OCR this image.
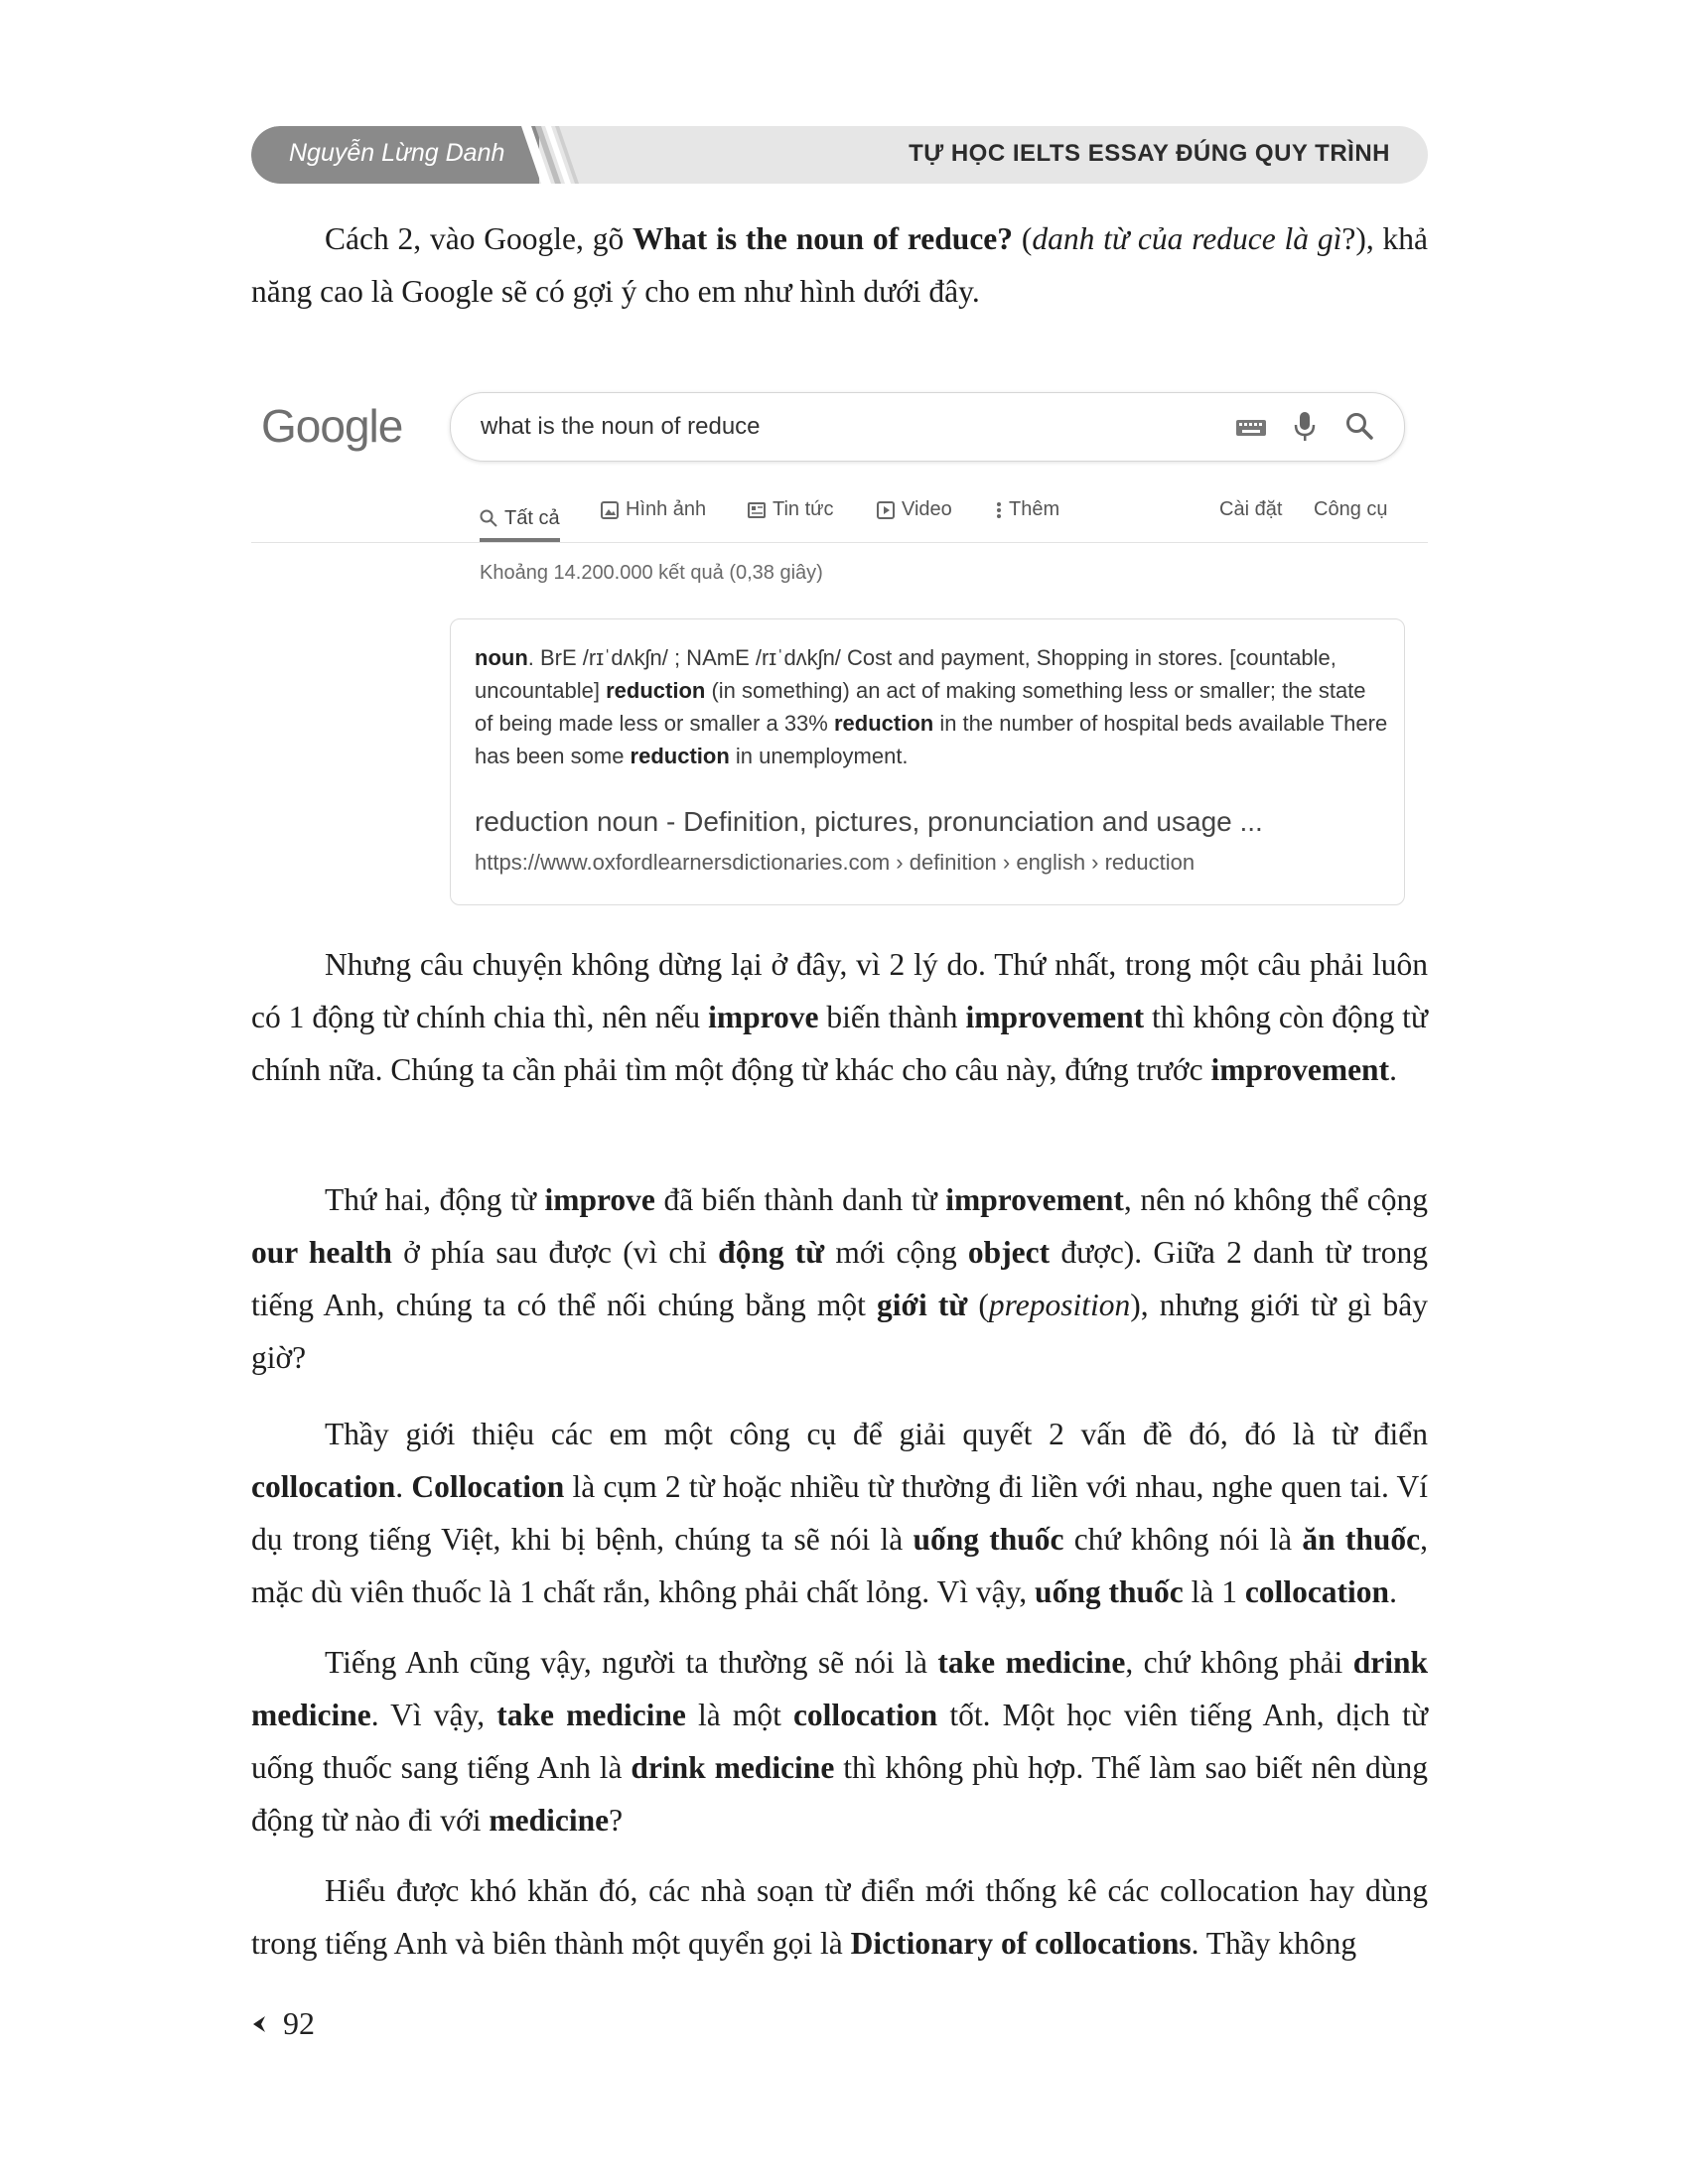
Nguyễn Lừng Danh	TỰ HỌC IELTS ESSAY ĐÚNG QUY TRÌNH

Cách 2, vào Google, gõ What is the noun of reduce? (danh từ của reduce là gì?), khả năng cao là Google sẽ có gợi ý cho em như hình dưới đây.

Google	what is the noun of reduce
Tất cả	Hình ảnh	Tin tức	Video	Thêm	Cài đặt Công cụ
Khoảng 14.200.000 kết quả (0,38 giây)
noun. BrE /rɪˈdʌkʃn/ ; NAmE /rɪˈdʌkʃn/ Cost and payment, Shopping in stores. [countable, uncountable] reduction (in something) an act of making something less or smaller; the state of being made less or smaller a 33% reduction in the number of hospital beds available There has been some reduction in unemployment.
reduction noun - Definition, pictures, pronunciation and usage ...
https://www.oxfordlearnersdictionaries.com › definition › english › reduction

Nhưng câu chuyện không dừng lại ở đây, vì 2 lý do. Thứ nhất, trong một câu phải luôn có 1 động từ chính chia thì, nên nếu improve biến thành improvement thì không còn động từ chính nữa. Chúng ta cần phải tìm một động từ khác cho câu này, đứng trước improvement.

Thứ hai, động từ improve đã biến thành danh từ improvement, nên nó không thể cộng our health ở phía sau được (vì chỉ động từ mới cộng object được). Giữa 2 danh từ trong tiếng Anh, chúng ta có thể nối chúng bằng một giới từ (preposition), nhưng giới từ gì bây giờ?

Thầy giới thiệu các em một công cụ để giải quyết 2 vấn đề đó, đó là từ điển collocation. Collocation là cụm 2 từ hoặc nhiều từ thường đi liền với nhau, nghe quen tai. Ví dụ trong tiếng Việt, khi bị bệnh, chúng ta sẽ nói là uống thuốc chứ không nói là ăn thuốc, mặc dù viên thuốc là 1 chất rắn, không phải chất lỏng. Vì vậy, uống thuốc là 1 collocation.

Tiếng Anh cũng vậy, người ta thường sẽ nói là take medicine, chứ không phải drink medicine. Vì vậy, take medicine là một collocation tốt. Một học viên tiếng Anh, dịch từ uống thuốc sang tiếng Anh là drink medicine thì không phù hợp. Thế làm sao biết nên dùng động từ nào đi với medicine?

Hiểu được khó khăn đó, các nhà soạn từ điển mới thống kê các collocation hay dùng trong tiếng Anh và biên thành một quyển gọi là Dictionary of collocations. Thầy không

92
